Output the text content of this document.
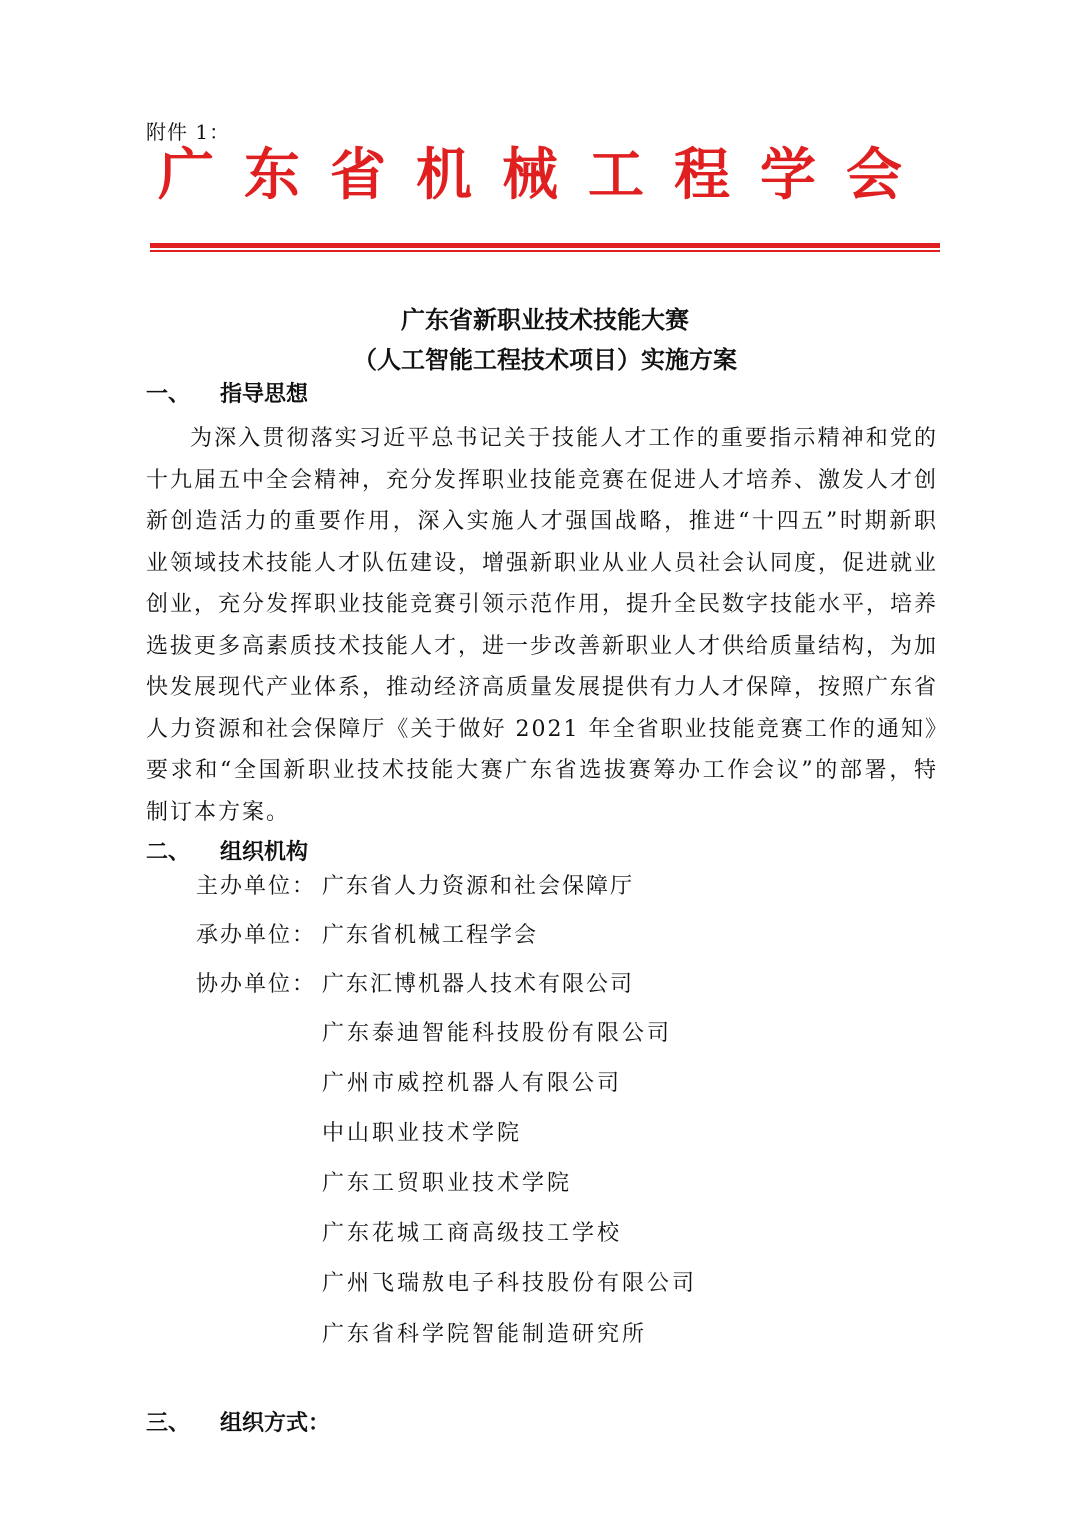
附件 1：
广东省机械工程学会
广东省新职业技术技能大赛
（人工智能工程技术项目）实施方案
一、 指导思想
为深入贯彻落实习近平总书记关于技能人才工作的重要指示精神和党的十九届五中全会精神，充分发挥职业技能竞赛在促进人才培养、激发人才创新创造活力的重要作用，深入实施人才强国战略，推进“十四五”时期新职业领域技术技能人才队伍建设，增强新职业从业人员社会认同度，促进就业创业，充分发挥职业技能竞赛引领示范作用，提升全民数字技能水平，培养选拔更多高素质技术技能人才，进一步改善新职业人才供给质量结构，为加快发展现代产业体系，推动经济高质量发展提供有力人才保障，按照广东省人力资源和社会保障厅《关于做好 2021 年全省职业技能竞赛工作的通知》要求和“全国新职业技术技能大赛广东省选拔赛筹办工作会议”的部署，特制订本方案。
二、 组织机构
主办单位： 广东省人力资源和社会保障厅
承办单位： 广东省机械工程学会
协办单位： 广东汇博机器人技术有限公司
广东泰迪智能科技股份有限公司
广州市威控机器人有限公司
中山职业技术学院
广东工贸职业技术学院
广东花城工商高级技工学校
广州飞瑞敖电子科技股份有限公司
广东省科学院智能制造研究所
三、 组织方式：
